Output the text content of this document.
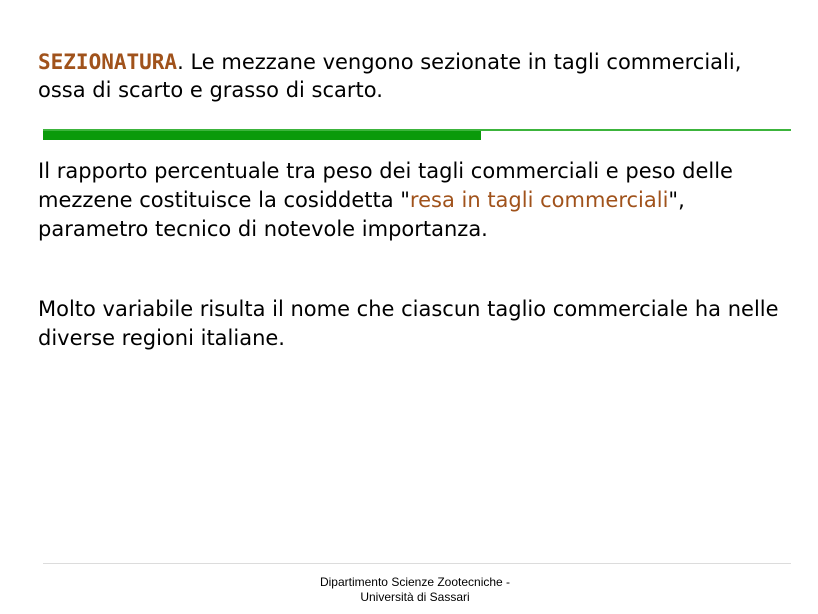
SEZIONATURA. Le mezzane vengono sezionate in tagli commerciali, ossa di scarto e grasso di scarto.
Il rapporto percentuale tra peso dei tagli commerciali e peso delle mezzene costituisce la cosiddetta "resa in tagli commerciali", parametro tecnico di notevole importanza.
Molto variabile risulta il nome che ciascun taglio commerciale ha nelle diverse regioni italiane.
Dipartimento Scienze Zootecniche -
Università di Sassari
